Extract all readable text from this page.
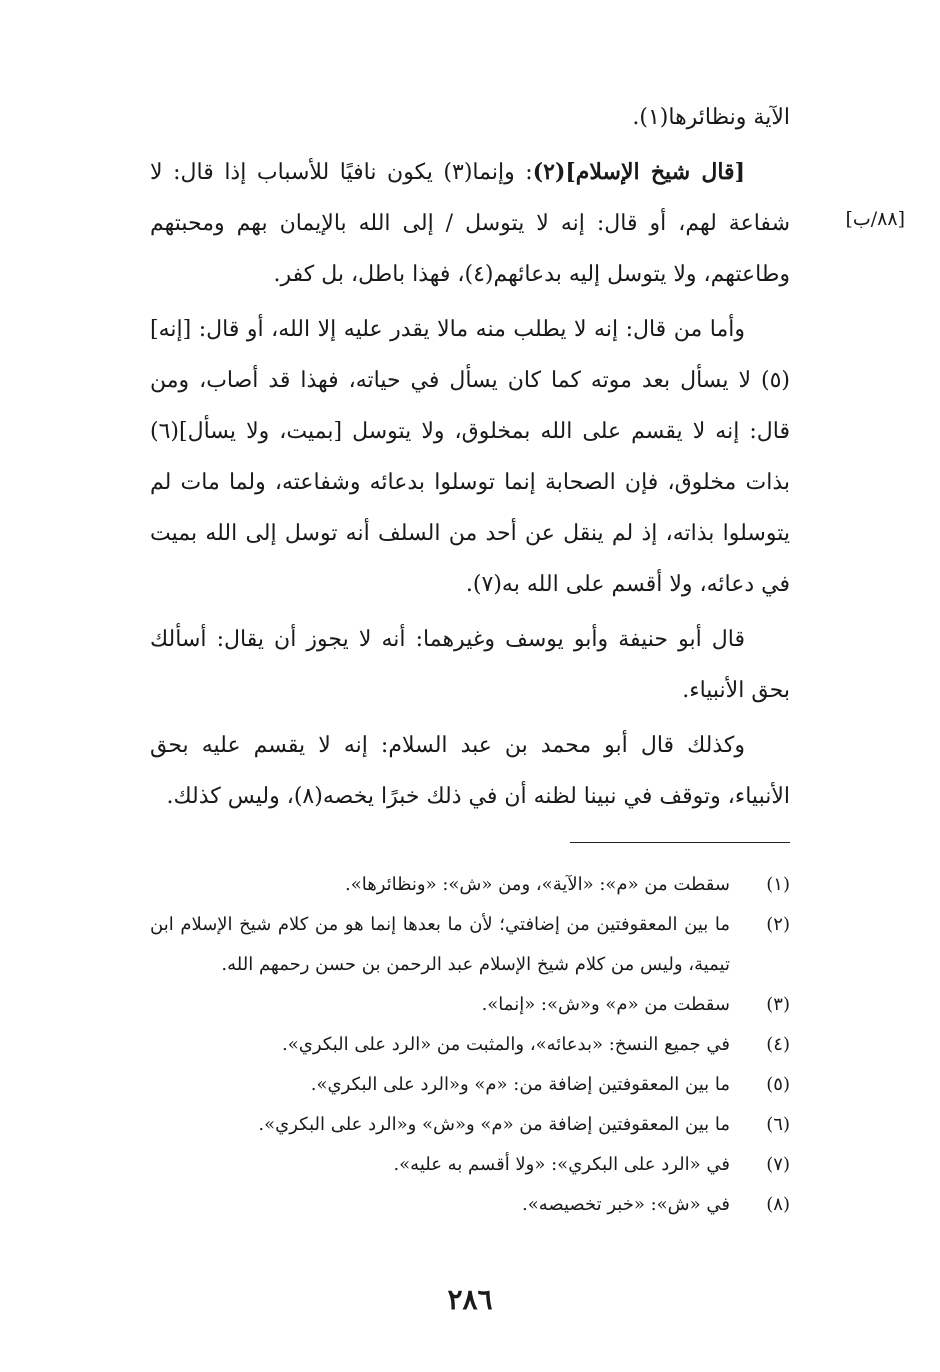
[٨٨/ب]

الآية ونظائرها(١).

[قال شيخ الإسلام](٢): وإنما(٣) يكون نافيًا للأسباب إذا قال: لا شفاعة لهم، أو قال: إنه لا يتوسل / إلى الله بالإيمان بهم ومحبتهم وطاعتهم، ولا يتوسل إليه بدعائهم(٤)، فهذا باطل، بل كفر.

وأما من قال: إنه لا يطلب منه مالا يقدر عليه إلا الله، أو قال: [إنه](٥) لا يسأل بعد موته كما كان يسأل في حياته، فهذا قد أصاب، ومن قال: إنه لا يقسم على الله بمخلوق، ولا يتوسل [بميت، ولا يسأل](٦) بذات مخلوق، فإن الصحابة إنما توسلوا بدعائه وشفاعته، ولما مات لم يتوسلوا بذاته، إذ لم ينقل عن أحد من السلف أنه توسل إلى الله بميت في دعائه، ولا أقسم على الله به(٧).

قال أبو حنيفة وأبو يوسف وغيرهما: أنه لا يجوز أن يقال: أسألك بحق الأنبياء.

وكذلك قال أبو محمد بن عبد السلام: إنه لا يقسم عليه بحق الأنبياء، وتوقف في نبينا لظنه أن في ذلك خبرًا يخصه(٨)، وليس كذلك.

(١)
سقطت من «م»: «الآية»، ومن «ش»: «ونظائرها».
(٢)
ما بين المعقوفتين من إضافتي؛ لأن ما بعدها إنما هو من كلام شيخ الإسلام ابن تيمية، وليس من كلام شيخ الإسلام عبد الرحمن بن حسن رحمهم الله.
(٣)
سقطت من «م» و«ش»: «إنما».
(٤)
في جميع النسخ: «بدعائه»، والمثبت من «الرد على البكري».
(٥)
ما بين المعقوفتين إضافة من: «م» و«الرد على البكري».
(٦)
ما بين المعقوفتين إضافة من «م» و«ش» و«الرد على البكري».
(٧)
في «الرد على البكري»: «ولا أقسم به عليه».
(٨)
في «ش»: «خبر تخصيصه».
٢٨٦
